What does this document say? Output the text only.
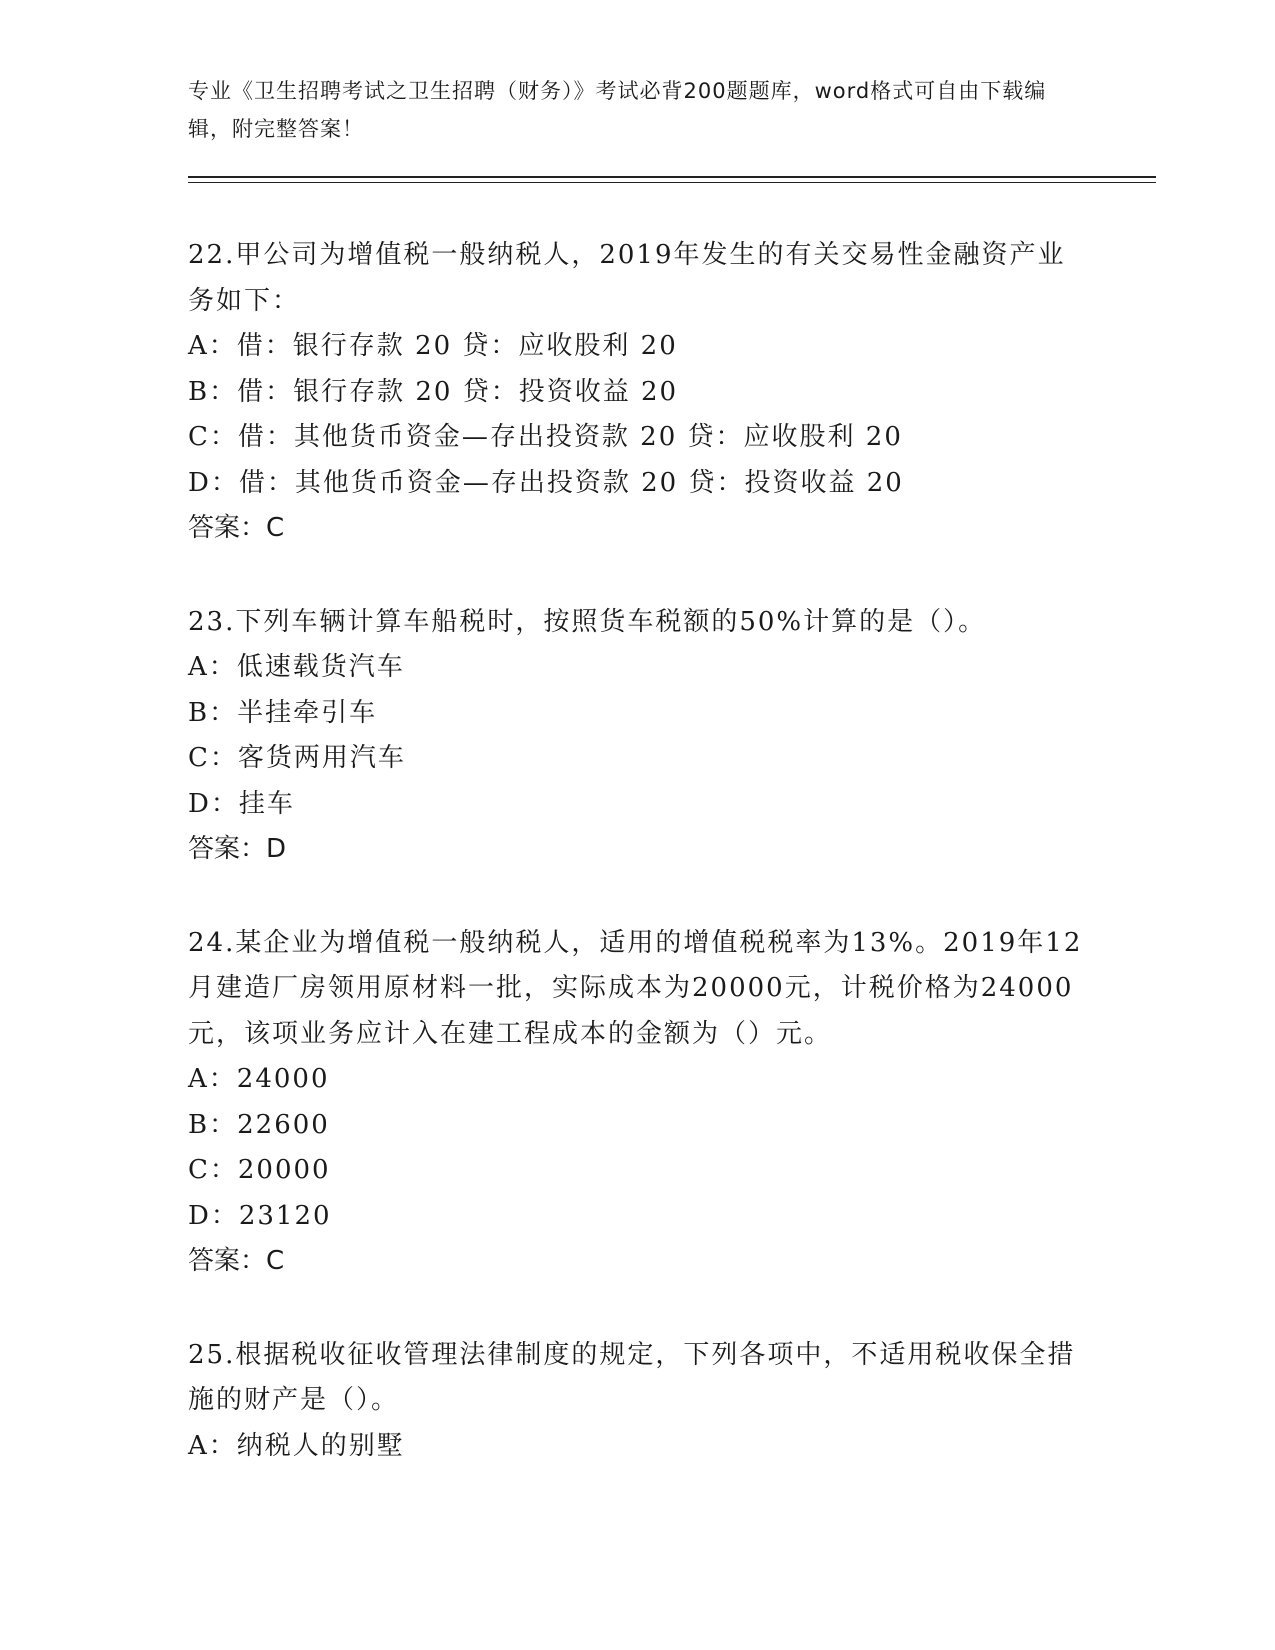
专业《卫生招聘考试之卫生招聘（财务）》考试必背200题题库，word格式可自由下载编辑，附完整答案！

22.甲公司为增值税一般纳税人，2019年发生的有关交易性金融资产业务如下：

A：借：银行存款 20 贷：应收股利 20

B：借：银行存款 20 贷：投资收益 20

C：借：其他货币资金—存出投资款 20 贷：应收股利 20

D：借：其他货币资金—存出投资款 20 贷：投资收益 20

答案：C

23.下列车辆计算车船税时，按照货车税额的50%计算的是（）。

A：低速载货汽车

B：半挂牵引车

C：客货两用汽车

D：挂车

答案：D

24.某企业为增值税一般纳税人，适用的增值税税率为13%。2019年12月建造厂房领用原材料一批，实际成本为20000元，计税价格为24000元，该项业务应计入在建工程成本的金额为（）元。

A：24000

B：22600

C：20000

D：23120

答案：C

25.根据税收征收管理法律制度的规定，下列各项中，不适用税收保全措施的财产是（）。

A：纳税人的别墅
